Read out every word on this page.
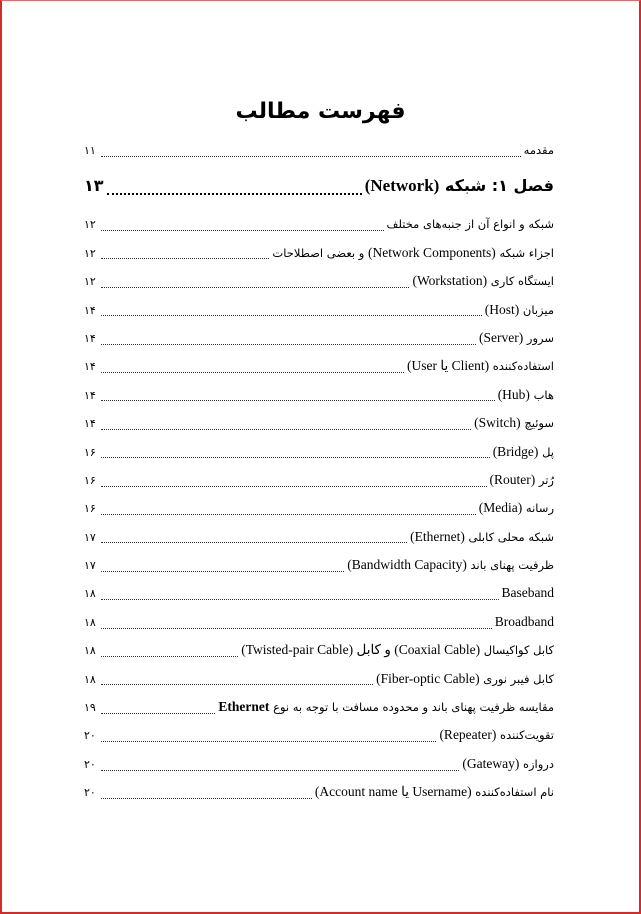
فهرست مطالب
مقدمه
۱۱
فصل ۱: شبکه (Network)
۱۳
شبکه و انواع آن از جنبه‌های مختلف
۱۲
اجزاء شبکه (Network Components) و بعضی اصطلاحات
۱۲
ایستگاه کاری (Workstation)
۱۲
میزبان (Host)
۱۴
سرور (Server)
۱۴
استفاده‌کننده (Client یا User)
۱۴
هاب (Hub)
۱۴
سوئیچ (Switch)
۱۴
پل (Bridge)
۱۶
رُتر (Router)
۱۶
رسانه (Media)
۱۶
شبکه محلی کابلی (Ethernet)
۱۷
ظرفیت پهنای باند (Bandwidth Capacity)
۱۷
Baseband
۱۸
Broadband
۱۸
کابل کواکیسال (Coaxial Cable) و کابل (Twisted-pair Cable)
۱۸
کابل فیبر نوری (Fiber-optic Cable)
۱۸
مقایسه ظرفیت پهنای باند و محدوده مسافت با توجه به نوع Ethernet
۱۹
تقویت‌کننده (Repeater)
۲۰
دروازه (Gateway)
۲۰
نام استفاده‌کننده (Username یا Account name)
۲۰
